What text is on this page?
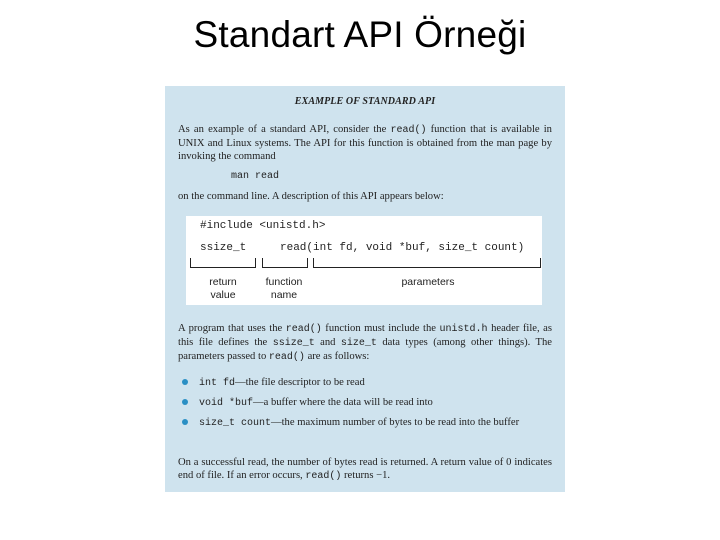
Standart API Örneği
EXAMPLE OF STANDARD API
As an example of a standard API, consider the read() function that is available in UNIX and Linux systems. The API for this function is obtained from the man page by invoking the command
man read
on the command line. A description of this API appears below:
#include <unistd.h>
ssize_t	read(int fd, void *buf, size_t count)
return
value
function
name
parameters
A program that uses the read() function must include the unistd.h header file, as this file defines the ssize_t and size_t data types (among other things). The parameters passed to read() are as follows:
int fd—the file descriptor to be read
void *buf—a buffer where the data will be read into
size_t count—the maximum number of bytes to be read into the buffer
On a successful read, the number of bytes read is returned. A return value of 0 indicates end of file. If an error occurs, read() returns −1.
